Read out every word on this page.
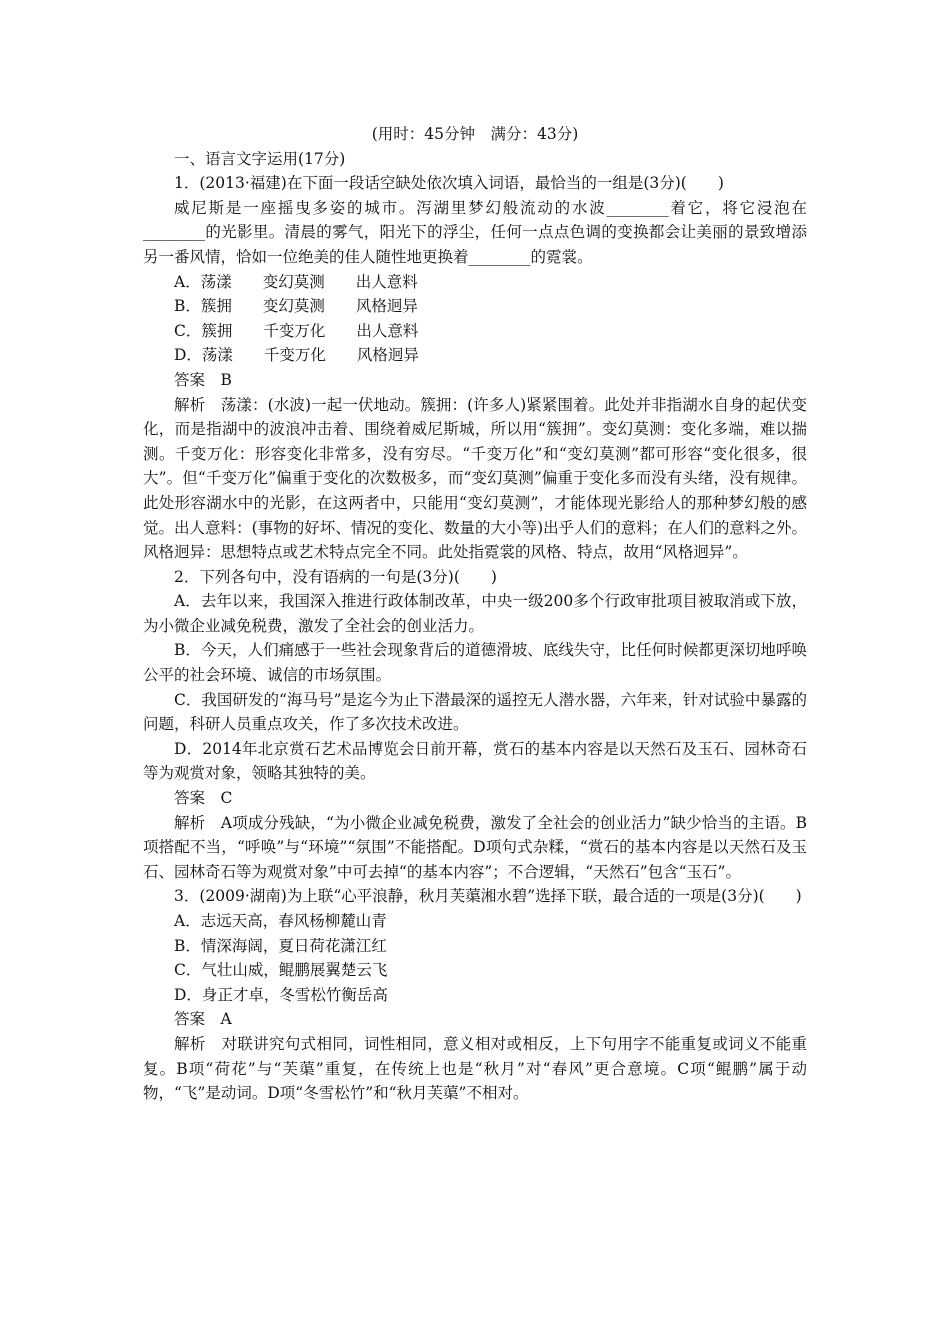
(用时：45分钟　满分：43分)

一、语言文字运用(17分)

1．(2013·福建)在下面一段话空缺处依次填入词语，最恰当的一组是(3分)(　　)

威尼斯是一座摇曳多姿的城市。泻湖里梦幻般流动的水波________着它，将它浸泡在________的光影里。清晨的雾气，阳光下的浮尘，任何一点点色调的变换都会让美丽的景致增添另一番风情，恰如一位绝美的佳人随性地更换着________的霓裳。

A．荡漾　　变幻莫测　　出人意料

B．簇拥　　变幻莫测　　风格迥异

C．簇拥　　千变万化　　出人意料

D．荡漾　　千变万化　　风格迥异

答案　B

解析　荡漾：(水波)一起一伏地动。簇拥：(许多人)紧紧围着。此处并非指湖水自身的起伏变化，而是指湖中的波浪冲击着、围绕着威尼斯城，所以用“簇拥”。变幻莫测：变化多端，难以揣测。千变万化：形容变化非常多，没有穷尽。“千变万化”和“变幻莫测”都可形容“变化很多，很大”。但“千变万化”偏重于变化的次数极多，而“变幻莫测”偏重于变化多而没有头绪，没有规律。此处形容湖水中的光影，在这两者中，只能用“变幻莫测”，才能体现光影给人的那种梦幻般的感觉。出人意料：(事物的好坏、情况的变化、数量的大小等)出乎人们的意料；在人们的意料之外。风格迥异：思想特点或艺术特点完全不同。此处指霓裳的风格、特点，故用“风格迥异”。

2．下列各句中，没有语病的一句是(3分)(　　)

A．去年以来，我国深入推进行政体制改革，中央一级200多个行政审批项目被取消或下放，为小微企业减免税费，激发了全社会的创业活力。

B．今天，人们痛感于一些社会现象背后的道德滑坡、底线失守，比任何时候都更深切地呼唤公平的社会环境、诚信的市场氛围。

C．我国研发的“海马号”是迄今为止下潜最深的遥控无人潜水器，六年来，针对试验中暴露的问题，科研人员重点攻关，作了多次技术改进。

D．2014年北京赏石艺术品博览会日前开幕，赏石的基本内容是以天然石及玉石、园林奇石等为观赏对象，领略其独特的美。

答案　C

解析　A项成分残缺，“为小微企业减免税费，激发了全社会的创业活力”缺少恰当的主语。B项搭配不当，“呼唤”与“环境”“氛围”不能搭配。D项句式杂糅，“赏石的基本内容是以天然石及玉石、园林奇石等为观赏对象”中可去掉“的基本内容”；不合逻辑，“天然石”包含“玉石”。

3．(2009·湖南)为上联“心平浪静，秋月芙蕖湘水碧”选择下联，最合适的一项是(3分)(　　)

A．志远天高，春风杨柳麓山青

B．情深海阔，夏日荷花潇江红

C．气壮山威，鲲鹏展翼楚云飞

D．身正才卓，冬雪松竹衡岳高

答案　A

解析　对联讲究句式相同，词性相同，意义相对或相反，上下句用字不能重复或词义不能重复。B项“荷花”与“芙蕖”重复，在传统上也是“秋月”对“春风”更合意境。C项“鲲鹏”属于动物，“飞”是动词。D项“冬雪松竹”和“秋月芙蕖”不相对。
